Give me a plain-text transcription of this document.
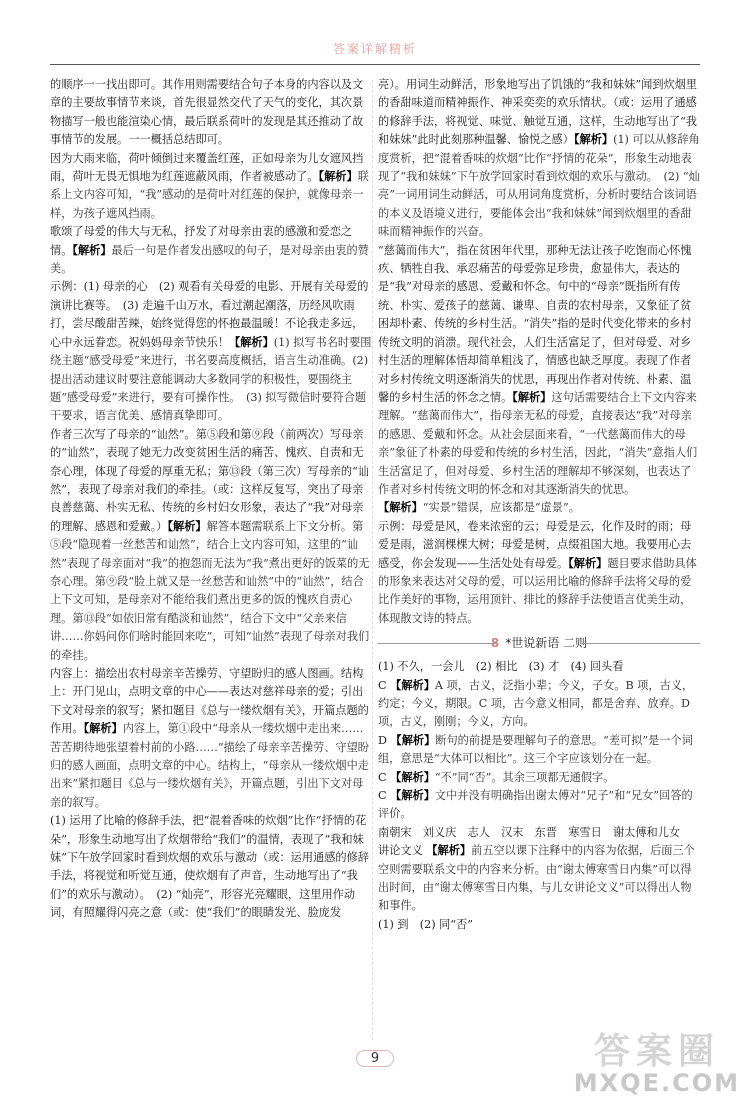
答案详解精析

的顺序一一找出即可。其作用则需要结合句子本身的内容以及文章的主要故事情节来谈，首先很显然交代了天气的变化，其次景物描写一般也能渲染心情，最后联系荷叶的发现是其还推动了故事情节的发展。一一概括总结即可。

因为大雨来临，荷叶倾倒过来覆盖红莲，正如母亲为儿女遮风挡雨，荷叶无畏无惧地为红莲遮蔽风雨，作者被感动了。【解析】联系上文内容可知，“我”感动的是荷叶对红莲的保护，就像母亲一样，为孩子遮风挡雨。

歌颂了母爱的伟大与无私，抒发了对母亲由衷的感激和爱恋之情。【解析】最后一句是作者发出感叹的句子，是对母亲由衷的赞美。

示例：(1) 母亲的心　(2) 观看有关母爱的电影、开展有关母爱的演讲比赛等。　(3) 走遍千山万水，看过潮起潮落，历经风吹雨打，尝尽酸甜苦辣，始终觉得您的怀抱最温暖！不论我走多远，心中永远眷恋。祝妈妈母亲节快乐！【解析】(1) 拟写书名时要围绕主题“感受母爱”来进行，书名要高度概括，语言生动准确。(2) 提出活动建议时要注意能调动大多数同学的积极性，要围绕主题“感受母爱”来进行，要有可操作性。　(3) 拟写微信时要符合题干要求，语言优美、感情真挚即可。

作者三次写了母亲的“讪然”。第⑤段和第⑨段（前两次）写母亲的“讪然”，表现了她无力改变贫困生活的痛苦、愧疚、自责和无奈心理，体现了母爱的厚重无私；第⑬段（第三次）写母亲的“讪然”，表现了母亲对我们的牵挂。（或：这样反复写，突出了母亲良善慈蔼、朴实无私、传统的乡村妇女形象，表达了“我”对母亲的理解、感恩和爱戴。）【解析】解答本题需联系上下文分析。第⑤段“隐现着一丝愁苦和讪然”，结合上文内容可知，这里的“讪然”表现了母亲面对“我”的抱怨而无法为“我”煮出更好的饭菜的无奈心理。第⑨段“脸上就又是一丝愁苦和讪然”中的“讪然”，结合上下文可知，是母亲对不能给我们煮出更多的饭的愧疚自责心理。第⑬段“如依旧常有酷淡和讪然”，结合下文中“父亲来信讲……你妈问你们啥时能回来吃”，可知“讪然”表现了母亲对我们的牵挂。

内容上：描绘出农村母亲辛苦操劳、守望盼归的感人图画。结构上：开门见山，点明文章的中心——表达对慈祥母亲的爱；引出下文对母亲的叙写；紧扣题目《总与一缕炊烟有关》，开篇点题的作用。【解析】内容上，第①段中“母亲从一缕炊烟中走出来……苦苦期待地张望着村前的小路……”描绘了母亲辛苦操劳、守望盼归的感人画面，点明文章的中心。结构上，“母亲从一缕炊烟中走出来”紧扣题目《总与一缕炊烟有关》，开篇点题，引出下文对母亲的叙写。

(1) 运用了比喻的修辞手法，把“混着香味的炊烟”比作“抒情的花朵”，形象生动地写出了炊烟带给“我们”的温情，表现了“我和妹妹”下午放学回家时看到炊烟的欢乐与激动（或：运用通感的修辞手法，将视觉和听觉互通，使炊烟有了声音，生动地写出了“我们”的欢乐与激动）。　(2) “灿亮”，形容光亮耀眼，这里用作动词，有照耀得闪亮之意（或：使“我们”的眼睛发光、脸庞发

亮）。用词生动鲜活，形象地写出了饥饿的“我和妹妹”闻到炊烟里的香甜味道而精神振作、神采奕奕的欢乐情状。（或：运用了通感的修辞手法，将视觉、味觉、触觉互通，这样，生动地写出了“我和妹妹”此时此刻那种温馨、愉悦之感）【解析】(1) 可以从修辞角度赏析，把“混着香味的炊烟”比作“抒情的花朵”，形象生动地表现了“我和妹妹”下午放学回家时看到炊烟的欢乐与激动。　(2) “灿亮”一词用词生动鲜活，可从用词角度赏析，分析时要结合该词语的本义及语境义进行，要能体会出“我和妹妹”闻到炊烟里的香甜味而精神振作的兴奋。

“慈蔼而伟大”，指在贫困年代里，那种无法让孩子吃饱而心怀愧疚、牺牲自我、承忍痛苦的母爱弥足珍贵，愈显伟大，表达的是“我”对母亲的感恩、爱戴和怀念。句中的“母亲”既指所有传统、朴实、爱孩子的慈蔼、谦卑、自责的农村母亲，又象征了贫困却朴素、传统的乡村生活。“消失”指的是时代变化带来的乡村传统文明的消溃。现代社会，人们生活富足了，但对母爱、对乡村生活的理解体悟却简单粗浅了，情感也缺乏厚度。表现了作者对乡村传统文明逐渐消失的忧思，再现出作者对传统、朴素、温馨的乡村生活的怀念之情。【解析】这句话需要结合上下文内容来理解。“慈蔼而伟大”，指母亲无私的母爱，直接表达“我”对母亲的感恩、爱戴和怀念。从社会层面来看，“一代慈蔼而伟大的母亲”象征了朴素的母爱和传统的乡村生活，因此，“消失”意指人们生活富足了，但对母爱、乡村生活的理解却不够深刻，也表达了作者对乡村传统文明的怀念和对其逐渐消失的忧思。

【解析】“实景”错误，应该都是“虚景”。

示例：母爱是风，卷来浓密的云；母爱是云，化作及时的雨；母爱是雨，滋润棵棵大树；母爱是树，点缀祖国大地。我要用心去感受，你会发现——生活处处有母爱。【解析】题目要求借助具体的形象来表达对父母的爱，可以运用比喻的修辞手法将父母的爱比作美好的事物，运用顶针、排比的修辞手法使语言优美生动，体现散文诗的特点。

8 *世说新语 二则

(1) 不久，一会儿　(2) 相比　(3) 才　(4) 回头看

C 【解析】A 项，古义，泛指小辈；今义，子女。B 项，古义，约定；今义，期限。C 项，古今意义相同，都是舍弃、放弃。D 项，古义，刚刚；今义，方向。

D 【解析】断句的前提是要理解句子的意思。“差可拟”是一个词组，意思是“大体可以相比”。这三个字应该划分在一起。

C 【解析】“不”同“否”。其余三项都无通假字。

C 【解析】文中并没有明确指出谢太傅对“兄子”和“兄女”回答的评价。

南朝宋　刘义庆　志人　汉末　东晋　寒雪日　谢太傅和儿女　讲论文义 【解析】前五空以课下注释中的内容为依据，后面三个空则需要联系文中的内容来分析。由“谢太傅寒雪日内集”可以得出时间，由“谢太傅寒雪日内集，与儿女讲论文义”可以得出人物和事件。

(1) 到　(2) 同“否”

9	答案圈
MXQE.COM
